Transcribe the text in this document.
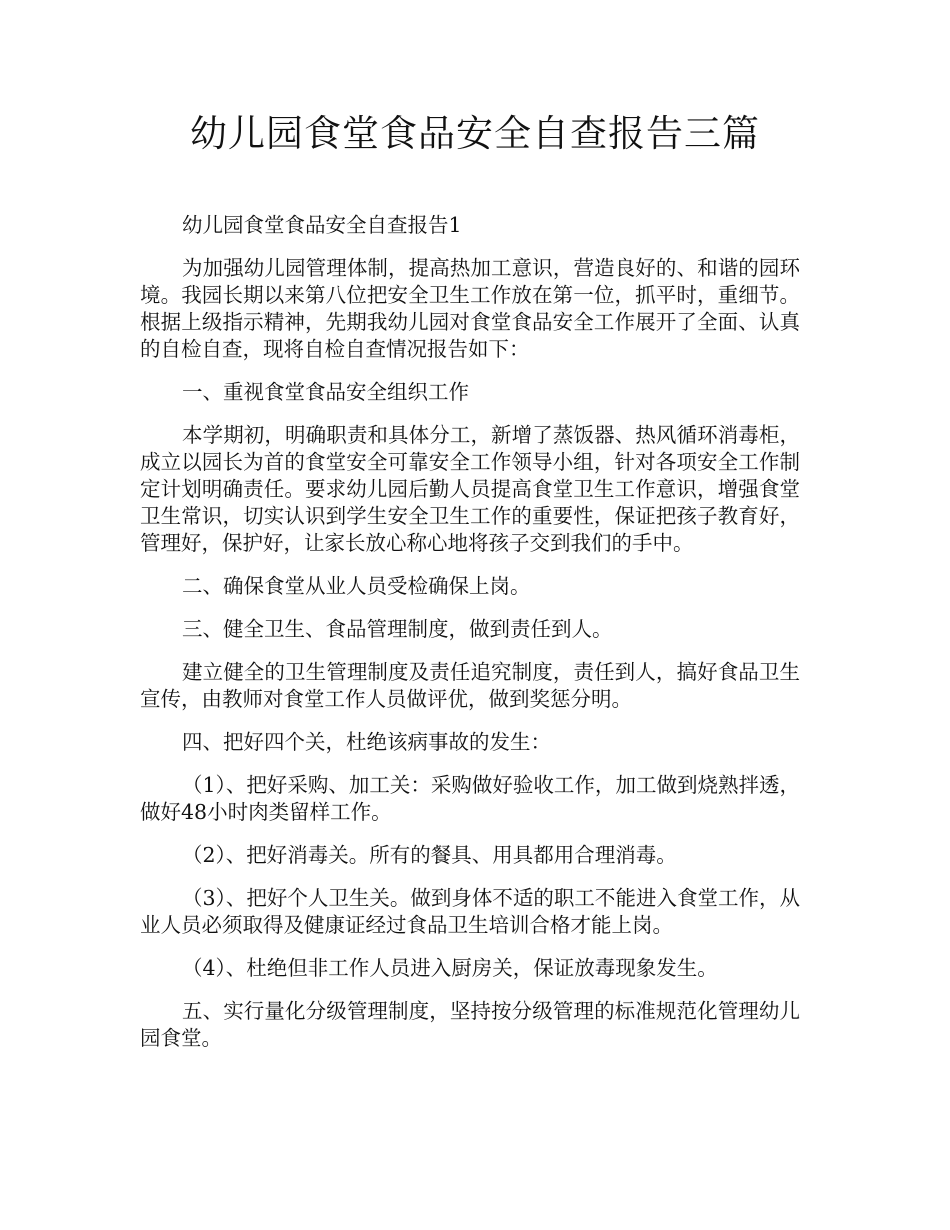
幼儿园食堂食品安全自查报告三篇

幼儿园食堂食品安全自查报告1

为加强幼儿园管理体制，提高热加工意识，营造良好的、和谐的园环境。我园长期以来第八位把安全卫生工作放在第一位，抓平时，重细节。根据上级指示精神，先期我幼儿园对食堂食品安全工作展开了全面、认真的自检自查，现将自检自查情况报告如下：

一、重视食堂食品安全组织工作

本学期初，明确职责和具体分工，新增了蒸饭器、热风循环消毒柜，成立以园长为首的食堂安全可靠安全工作领导小组，针对各项安全工作制定计划明确责任。要求幼儿园后勤人员提高食堂卫生工作意识，增强食堂卫生常识，切实认识到学生安全卫生工作的重要性，保证把孩子教育好，管理好，保护好，让家长放心称心地将孩子交到我们的手中。

二、确保食堂从业人员受检确保上岗。

三、健全卫生、食品管理制度，做到责任到人。

建立健全的卫生管理制度及责任追究制度，责任到人，搞好食品卫生宣传，由教师对食堂工作人员做评优，做到奖惩分明。

四、把好四个关，杜绝该病事故的发生：

（1）、把好采购、加工关：采购做好验收工作，加工做到烧熟拌透，做好48小时肉类留样工作。

（2）、把好消毒关。所有的餐具、用具都用合理消毒。

（3）、把好个人卫生关。做到身体不适的职工不能进入食堂工作，从业人员必须取得及健康证经过食品卫生培训合格才能上岗。

（4）、杜绝但非工作人员进入厨房关，保证放毒现象发生。

五、实行量化分级管理制度，坚持按分级管理的标准规范化管理幼儿园食堂。
